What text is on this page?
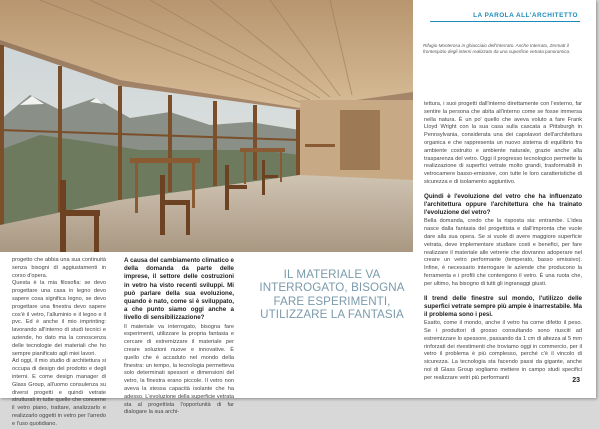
LA PAROLA ALL'ARCHITETTO
Rifugio Monterosa in ghiacciaio dell'Interrato. Anche Interrato, Zermatt il frontespizio degli interni realizzato da una superficie vetrata panoramica.

progetto che abbia una sua continuità senza bisogni di aggiustamenti in corso d'opera.

Questa è la mia filosofia: se devo progettare una casa in legno devo sapere cosa significa legno, se devo progettare una finestra devo sapere cos'è il vetro, l'alluminio e il legno e il pvc. Ed è anche il mio imprinting: lavorando all'interno di studi tecnici e aziende, ho dato ma la conoscenza delle tecnologie dei materiali che ho sempre pianificato agli miei lavori.

Ad oggi, il mio studio di architettura si occupa di design del prodotto e degli interni. E come design manager di Glass Group, all'uomo consulenza su diversi progetti e quindi vetrate strutturali in tutte quelle che concerne il vetro piano, trattare, analizzarlo e realizzarlo oggetti in vetro per l'arredo e l'uso quotidiano.

A causa del cambiamento climatico e della domanda da parte delle imprese, il settore delle costruzioni in vetro ha visto recenti sviluppi. Mi può parlare della sua evoluzione, quando è nato, come si è sviluppato, a che punto siamo oggi anche a livello di sensibilizzazione?

Il materiale va interrogato, bisogna fare esperimenti, utilizzare la propria fantasia e cercare di estremizzare il materiale per creare soluzioni nuove e innovative. È quello che è accaduto nel mondo della finestra: un tempo, la tecnologia permetteva solo determinati spessori e dimensioni del vetro, la finestra erano piccole. Il vetro non aveva la stessa capacità isolante che ha adesso. L'evoluzione della superficie vetrata sta al progettista l'opportunità di far dialogare la sua archi-

IL MATERIALE VA INTERROGATO, BISOGNA FARE ESPERIMENTI, UTILIZZARE LA FANTASIA

tettura, i suoi progetti dall'interno direttamente con l'esterno, far sentire la persona che abita all'interno come se fosse immersa nella natura. È un po' quello che aveva voluto a fare Frank Lloyd Wright con la sua casa sulla cascata a Pittsburgh in Pennsylvania, considerata una dei capolavori dell'architettura organica e che rappresenta un nuovo sistema di equilibrio fra ambiente costruito e ambiente naturale, grazie anche alla trasparenza del vetro. Oggi il progresso tecnologico permette la realizzazione di superfici vetrate molto grandi, trasformabili in vetrocamere basso-emissive, con tutte le loro caratteristiche di sicurezza e di isolamento aggiuntivo.

Quindi è l'evoluzione del vetro che ha influenzato l'architettura oppure l'architettura che ha trainato l'evoluzione del vetro?

Bella domanda, credo che la risposta sia: entrambe. L'idea nasce dalla fantasia del progettista e dall'impronta che vuole dare alla sua opera. Se si vuole di avere maggiore superficie vetrata, deve implementare studiare costi e benefici, per fare realizzare il materiale alle vetrerie che dovranno adoperare nel creare un vetro performante (temperato, basso emissivo). Infine, è necessario interrogare le aziende che producono la ferramenta e i profili che contengono il vetro. È una ruota che, per ultimo, ha bisogno di tutti gli ingranaggi giusti.

Il trend delle finestre sul mondo, l'utilizzo delle superfici vetrate sempre più ampie è inarrestabile. Ma il problema sono i pesi.

Esatto, come il mondo, anche il vetro ha come difetto il peso. Se i produttori di grosso consultando sono riusciti ad estremizzare lo spessore, passando da 1 cm di altezza al 5 mm rinforzati dei rivestimenti che troviamo oggi in commercio, per il vetro il problema è più complesso, perché c'è il vincolo di sicurezza. La tecnologia sta facendo passi da gigante, anche noi di Glass Group vogliamo mettere in campo studi specifici per realizzare vetri più performanti	23
